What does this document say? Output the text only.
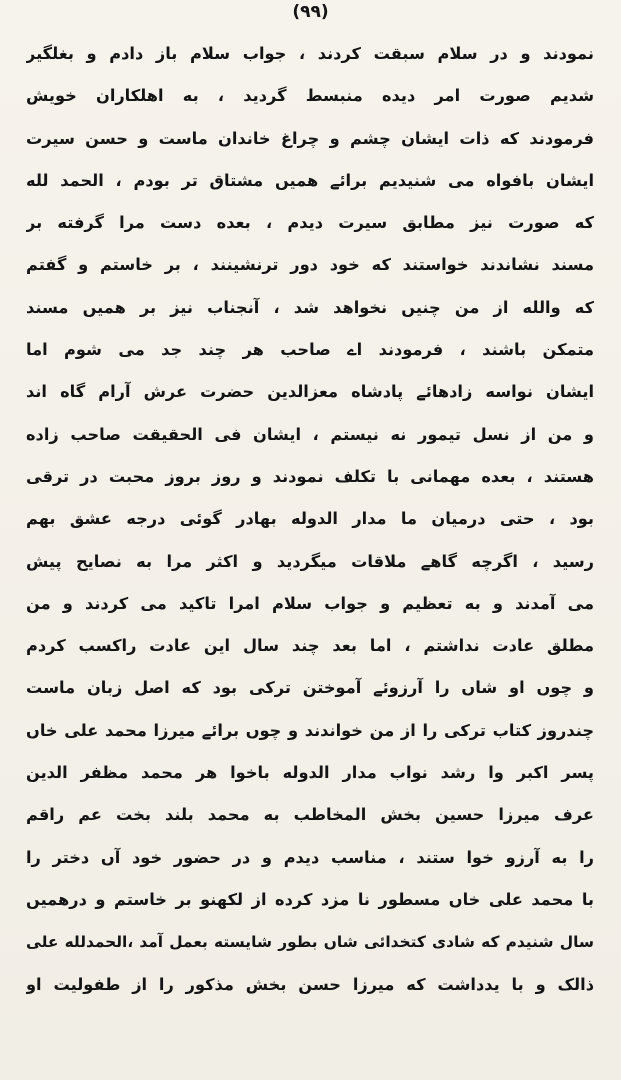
(۹۹)
نمودند و در سلام سبقت کردند ، جواب سلام باز دادم و بغلگیر
شدیم صورت امر دیده منبسط گردید ، به اهلکاران خویش
فرمودند که ذات ایشان چشم و چراغ خاندان ماست و حسن سیرت
ایشان بافواه می شنیدیم برائے همیں مشتاق تر بودم ، الحمد لله
که صورت نیز مطابق سیرت دیدم ، بعده دست مرا گرفته بر
مسند نشاندند خواستند که خود دور ترنشینند ، بر خاستم و گفتم
که والله از من چنیں نخواهد شد ، آنجناب نیز بر همیں مسند
متمکن باشند ، فرمودند اے صاحب هر چند جد می شوم اما
ایشان نواسه زادهائے پادشاه معزالدین حضرت عرش آرام گاه اند
و من از نسل تیمور نه نیستم ، ایشان فی الحقیقت صاحب زاده
هستند ، بعده مهمانی با تکلف نمودند و روز بروز محبت در ترقی
بود ، حتی درمیان ما مدار الدوله بهادر گوئی درجه عشق بهم
رسید ، اگرچه گاهے ملاقات میگردید و اکثر مرا به نصایح پیش
می آمدند و به تعظیم و جواب سلام امرا تاکید می کردند و من
مطلق عادت نداشتم ، اما بعد چند سال این عادت راکسب کردم
و چوں او شاں را آرزوئے آموختن ترکی بود که اصل زبان ماست
چندروز کتاب ترکی را از من خواندند و چوں برائے میرزا محمد علی خاں
پسر اکبر وا رشد نواب مدار الدوله باخوا هر محمد مظفر الدین
عرف میرزا حسین بخش المخاطب به محمد بلند بخت عم راقم
را به آرزو خوا ستند ، مناسب دیدم و در حضور خود آں دختر را
با محمد علی خاں مسطور نا مزد کرده از لکهنو بر خاستم و درهمیں
سال شنیدم که شادی کتخدائی شاں بطور شایسته بعمل آمد ،الحمدلله علی
ذالک و با یدداشت که میرزا حسن بخش مذکور را از طفولیت او
